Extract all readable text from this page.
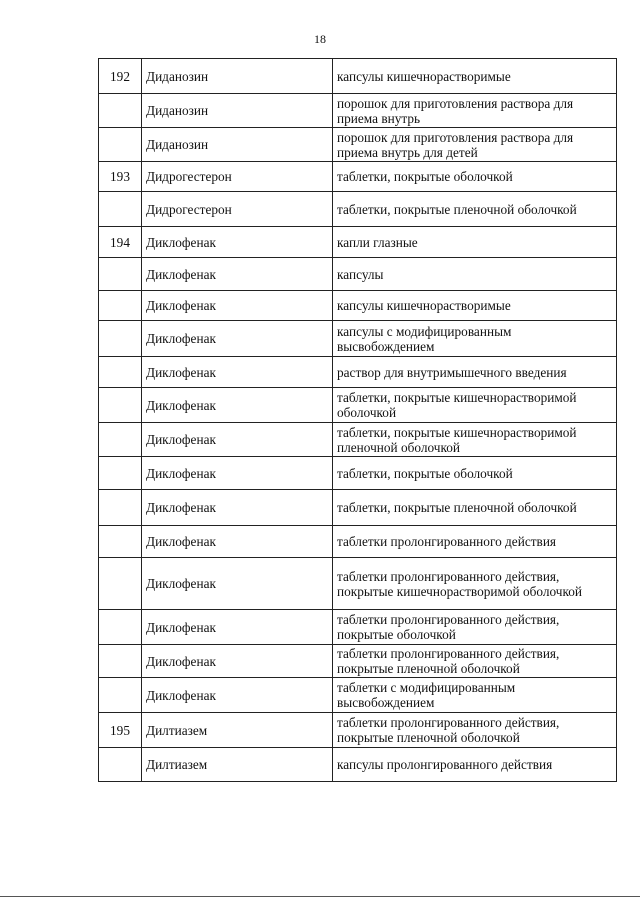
18
192	Диданозин	капсулы кишечнорастворимые
	Диданозин	порошок для приготовления раствора для приема внутрь
	Диданозин	порошок для приготовления раствора для приема внутрь для детей
193	Дидрогестерон	таблетки, покрытые оболочкой
	Дидрогестерон	таблетки, покрытые пленочной оболочкой
194	Диклофенак	капли глазные
	Диклофенак	капсулы
	Диклофенак	капсулы кишечнорастворимые
	Диклофенак	капсулы с модифицированным высвобождением
	Диклофенак	раствор для внутримышечного введения
	Диклофенак	таблетки, покрытые кишечнорастворимой оболочкой
	Диклофенак	таблетки, покрытые кишечнорастворимой пленочной оболочкой
	Диклофенак	таблетки, покрытые оболочкой
	Диклофенак	таблетки, покрытые пленочной оболочкой
	Диклофенак	таблетки пролонгированного действия
	Диклофенак	таблетки пролонгированного действия, покрытые кишечнорастворимой оболочкой
	Диклофенак	таблетки пролонгированного действия, покрытые оболочкой
	Диклофенак	таблетки пролонгированного действия, покрытые пленочной оболочкой
	Диклофенак	таблетки с модифицированным высвобождением
195	Дилтиазем	таблетки пролонгированного действия, покрытые пленочной оболочкой
	Дилтиазем	капсулы пролонгированного действия
